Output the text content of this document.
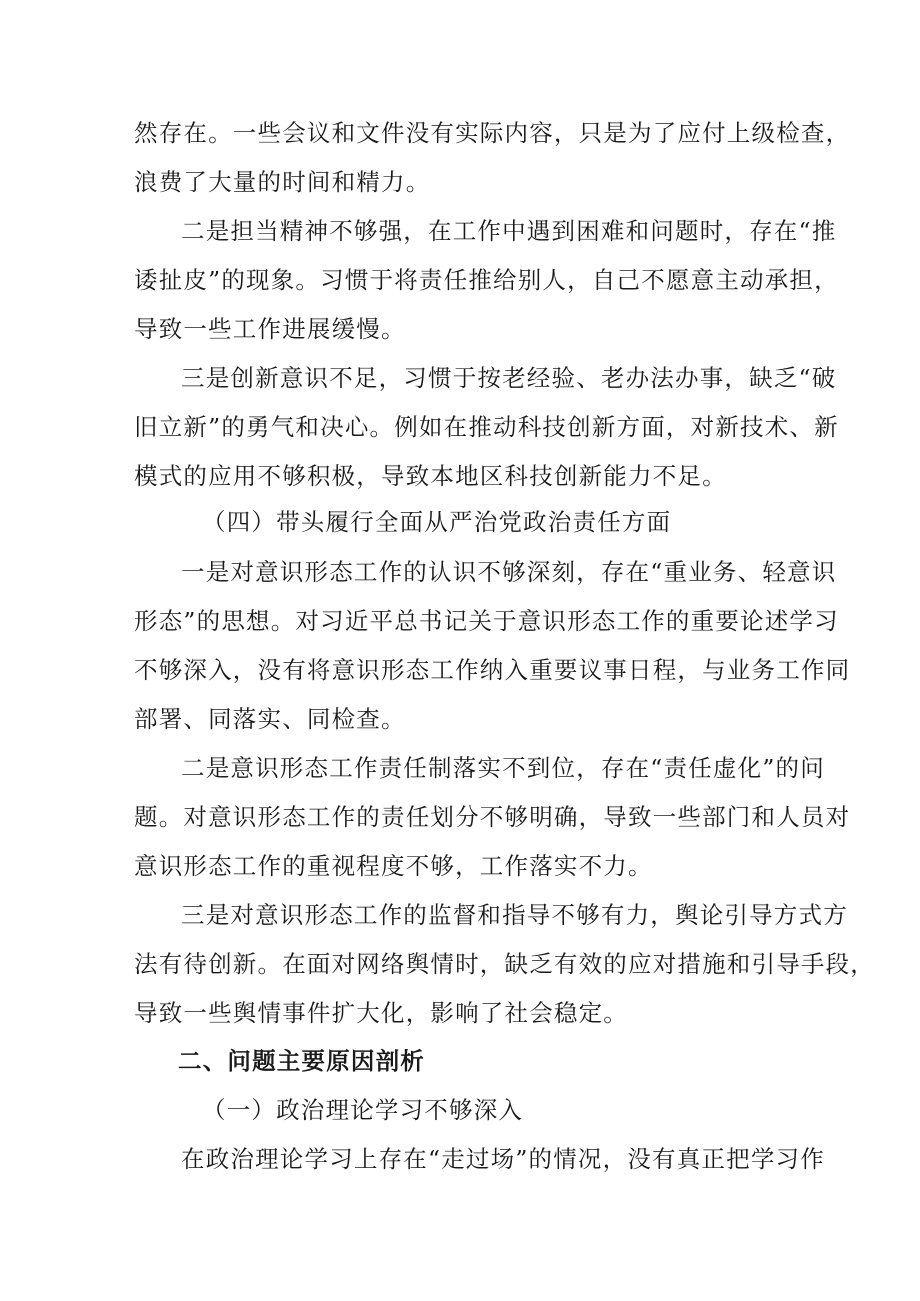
然存在。一些会议和文件没有实际内容，只是为了应付上级检查，
浪费了大量的时间和精力。
二是担当精神不够强，在工作中遇到困难和问题时，存在“推
诿扯皮”的现象。习惯于将责任推给别人，自己不愿意主动承担，
导致一些工作进展缓慢。
三是创新意识不足，习惯于按老经验、老办法办事，缺乏“破
旧立新”的勇气和决心。例如在推动科技创新方面，对新技术、新
模式的应用不够积极，导致本地区科技创新能力不足。
（四）带头履行全面从严治党政治责任方面
一是对意识形态工作的认识不够深刻，存在“重业务、轻意识
形态”的思想。对习近平总书记关于意识形态工作的重要论述学习
不够深入，没有将意识形态工作纳入重要议事日程，与业务工作同
部署、同落实、同检查。
二是意识形态工作责任制落实不到位，存在“责任虚化”的问
题。对意识形态工作的责任划分不够明确，导致一些部门和人员对
意识形态工作的重视程度不够，工作落实不力。
三是对意识形态工作的监督和指导不够有力，舆论引导方式方
法有待创新。在面对网络舆情时，缺乏有效的应对措施和引导手段，
导致一些舆情事件扩大化，影响了社会稳定。
二、问题主要原因剖析
（一）政治理论学习不够深入
在政治理论学习上存在“走过场”的情况，没有真正把学习作
